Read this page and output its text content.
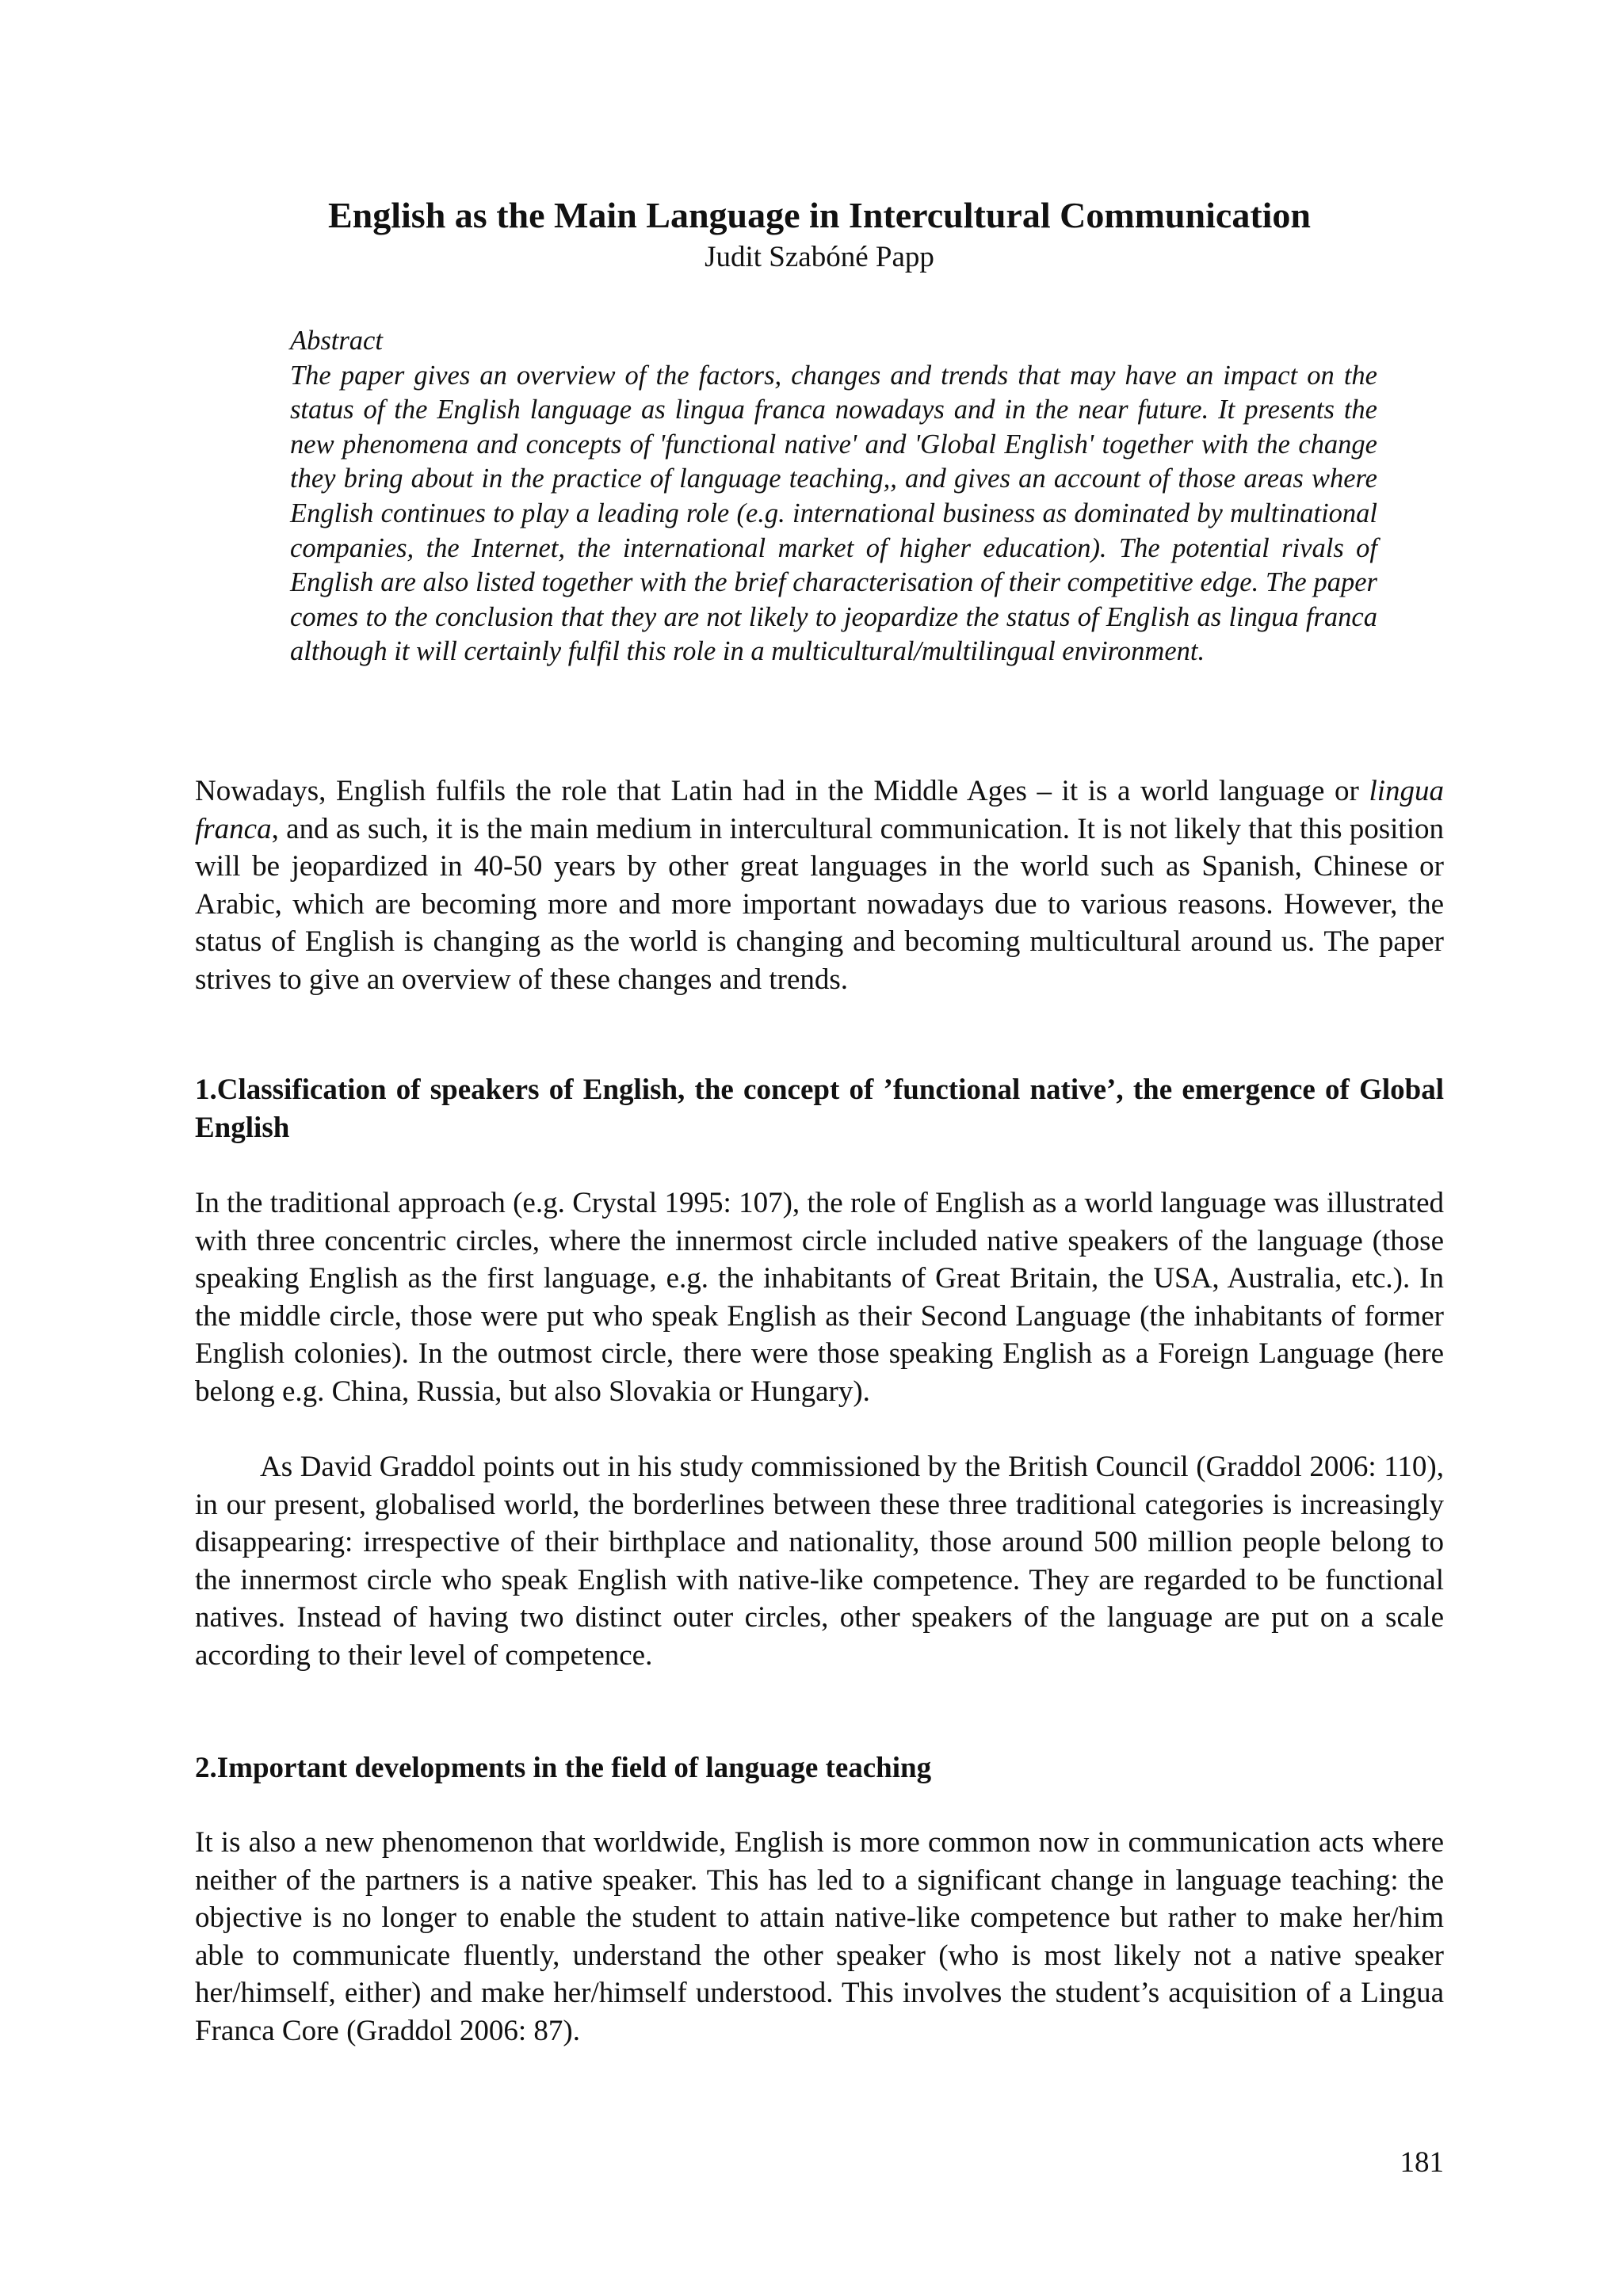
English as the Main Language in Intercultural Communication

Judit Szabóné Papp

Abstract
The paper gives an overview of the factors, changes and trends that may have an impact on the status of the English language as lingua franca nowadays and in the near future. It presents the new phenomena and concepts of 'functional native' and 'Global English' together with the change they bring about in the practice of language teaching,, and gives an account of those areas where English continues to play a leading role (e.g. international business as dominated by multinational companies, the Internet, the international market of higher education). The potential rivals of English are also listed together with the brief characterisation of their competitive edge. The paper comes to the conclusion that they are not likely to jeopardize the status of English as lingua franca although it will certainly fulfil this role in a multicultural/multilingual environment.

Nowadays, English fulfils the role that Latin had in the Middle Ages – it is a world language or lingua franca, and as such, it is the main medium in intercultural communication. It is not likely that this position will be jeopardized in 40-50 years by other great languages in the world such as Spanish, Chinese or Arabic, which are becoming more and more important nowadays due to various reasons. However, the status of English is changing as the world is changing and becoming multicultural around us. The paper strives to give an overview of these changes and trends.

1.Classification of speakers of English, the concept of ’functional native’, the emergence of Global English

In the traditional approach (e.g. Crystal 1995: 107), the role of English as a world language was illustrated with three concentric circles, where the innermost circle included native speakers of the language (those speaking English as the first language, e.g. the inhabitants of Great Britain, the USA, Australia, etc.). In the middle circle, those were put who speak English as their Second Language (the inhabitants of former English colonies). In the outmost circle, there were those speaking English as a Foreign Language (here belong e.g. China, Russia, but also Slovakia or Hungary).

As David Graddol points out in his study commissioned by the British Council (Graddol 2006: 110), in our present, globalised world, the borderlines between these three traditional categories is increasingly disappearing: irrespective of their birthplace and nationality, those around 500 million people belong to the innermost circle who speak English with native-like competence. They are regarded to be functional natives. Instead of having two distinct outer circles, other speakers of the language are put on a scale according to their level of competence.

2.Important developments in the field of language teaching

It is also a new phenomenon that worldwide, English is more common now in communication acts where neither of the partners is a native speaker. This has led to a significant change in language teaching: the objective is no longer to enable the student to attain native-like competence but rather to make her/him able to communicate fluently, understand the other speaker (who is most likely not a native speaker her/himself, either) and make her/himself understood. This involves the student’s acquisition of a Lingua Franca Core (Graddol 2006: 87).

181
